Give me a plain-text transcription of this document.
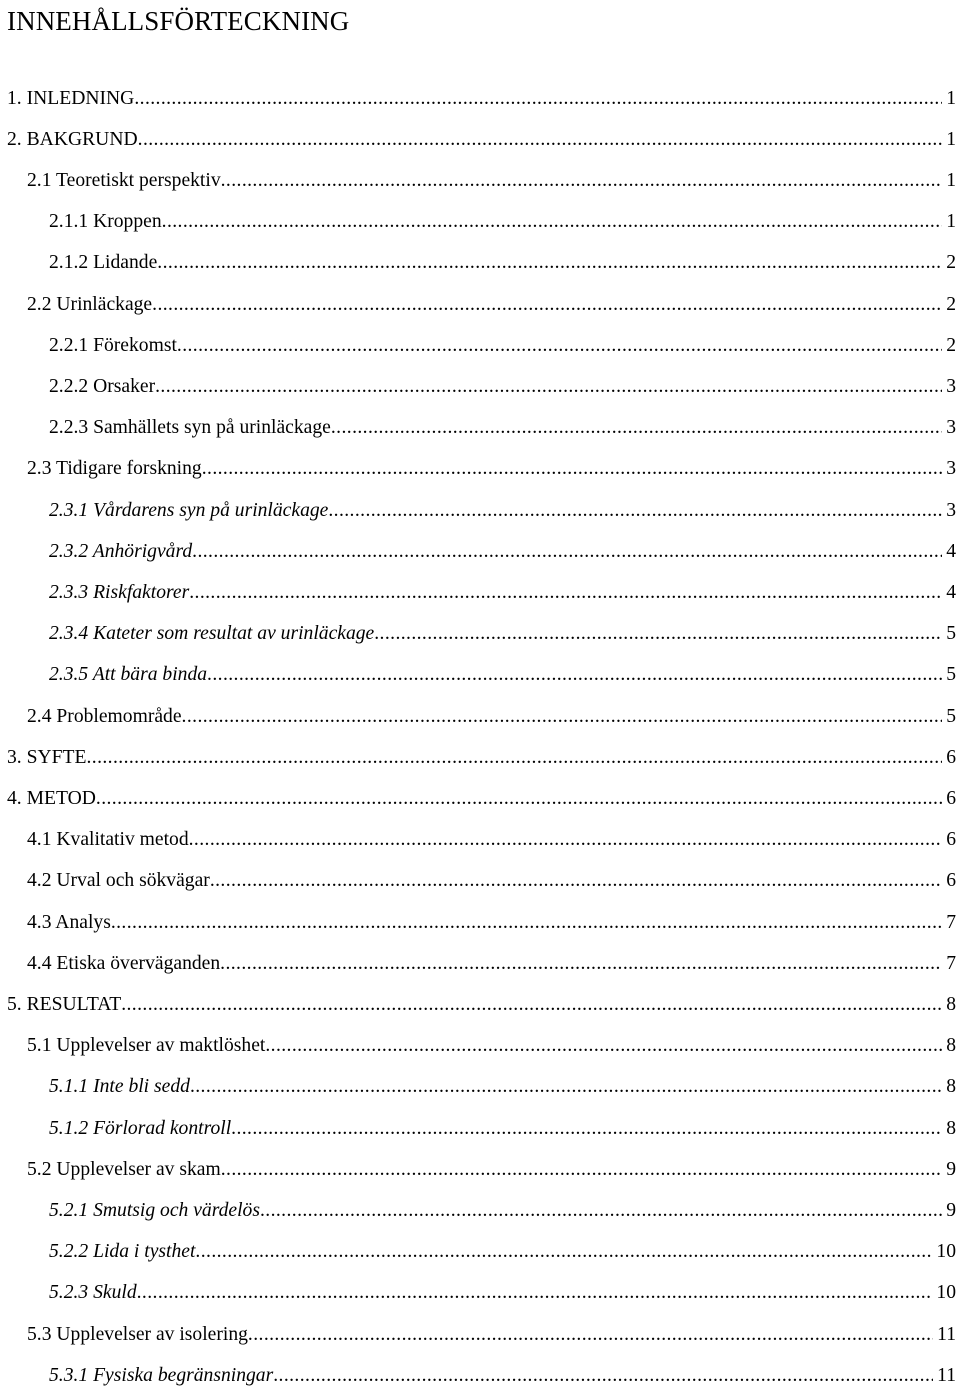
INNEHÅLLSFÖRTECKNING
1. INLEDNING .....	1
2. BAKGRUND .....	1
2.1 Teoretiskt perspektiv .....	1
2.1.1 Kroppen .....	1
2.1.2 Lidande .....	2
2.2 Urinläckage .....	2
2.2.1 Förekomst .....	2
2.2.2 Orsaker .....	3
2.2.3 Samhällets syn på urinläckage .....	3
2.3 Tidigare forskning .....	3
2.3.1 Vårdarens syn på urinläckage .....	3
2.3.2 Anhörigvård .....	4
2.3.3 Riskfaktorer .....	4
2.3.4 Kateter som resultat av urinläckage .....	5
2.3.5 Att bära binda .....	5
2.4 Problemområde .....	5
3. SYFTE .....	6
4. METOD .....	6
4.1 Kvalitativ metod .....	6
4.2 Urval och sökvägar .....	6
4.3 Analys .....	7
4.4 Etiska överväganden .....	7
5. RESULTAT .....	8
5.1 Upplevelser av maktlöshet .....	8
5.1.1 Inte bli sedd .....	8
5.1.2 Förlorad kontroll .....	8
5.2 Upplevelser av skam .....	9
5.2.1 Smutsig och värdelös .....	9
5.2.2 Lida i tysthet .....	10
5.2.3 Skuld .....	10
5.3 Upplevelser av isolering .....	11
5.3.1 Fysiska begränsningar .....	11
